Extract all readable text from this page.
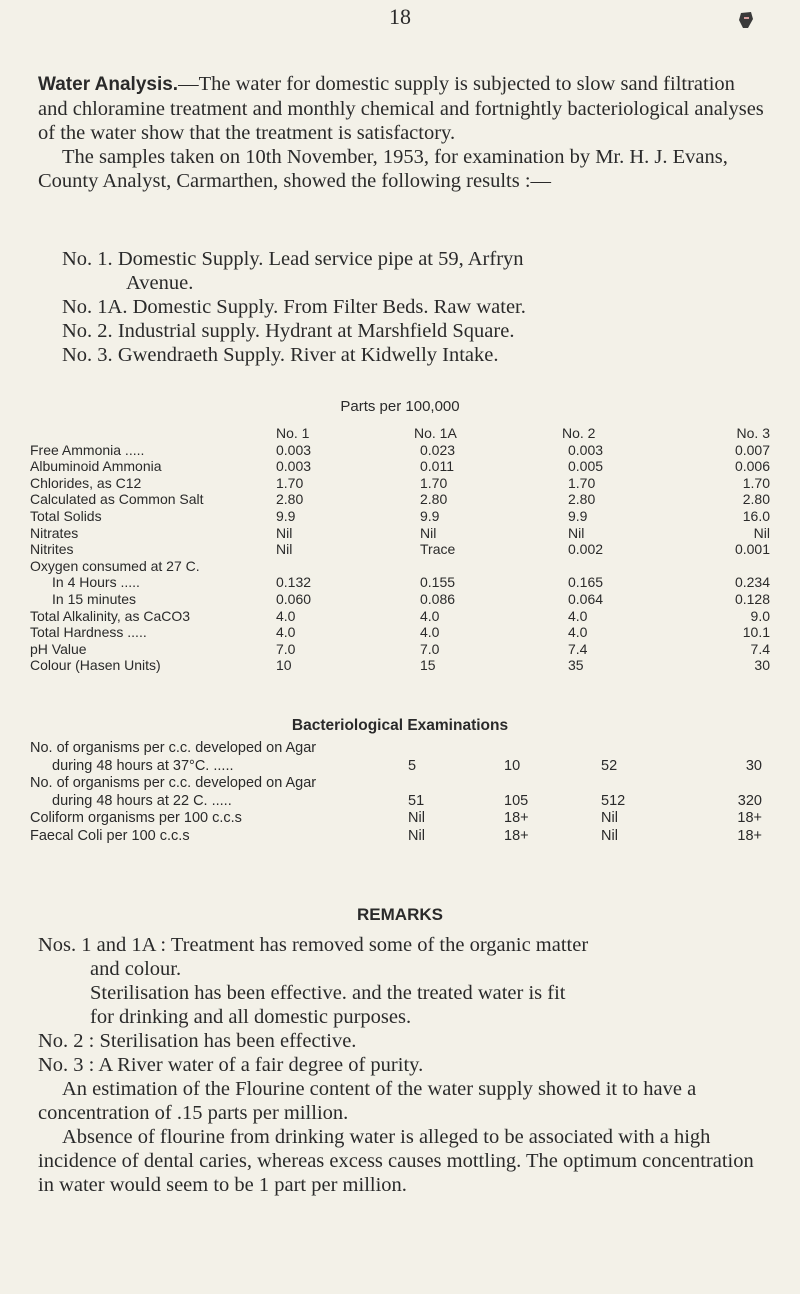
18

Water Analysis.—The water for domestic supply is subjected to slow sand filtration and chloramine treatment and monthly chemical and fortnightly bacteriological analyses of the water show that the treatment is satisfactory.

The samples taken on 10th November, 1953, for examination by Mr. H. J. Evans, County Analyst, Carmarthen, showed the following results :—

No. 1. Domestic Supply. Lead service pipe at 59, Arfryn
Avenue.
No. 1A. Domestic Supply. From Filter Beds. Raw water.
No. 2. Industrial supply. Hydrant at Marshfield Square.
No. 3. Gwendraeth Supply. River at Kidwelly Intake.
Parts per 100,000
No. 1	No. 1A	No. 2	No. 3
Free Ammonia .....	0.003	0.023	0.003	0.007
Albuminoid Ammonia	0.003	0.011	0.005	0.006
Chlorides, as C12	1.70	1.70	1.70	1.70
Calculated as Common Salt	2.80	2.80	2.80	2.80
Total Solids	9.9	9.9	9.9	16.0
Nitrates	Nil	Nil	Nil	Nil
Nitrites	Nil	Trace	0.002	0.001
Oxygen consumed at 27 C.
In 4 Hours .....	0.132	0.155	0.165	0.234
In 15 minutes	0.060	0.086	0.064	0.128
Total Alkalinity, as CaCO3	4.0	4.0	4.0	9.0
Total Hardness .....	4.0	4.0	4.0	10.1
pH Value	7.0	7.0	7.4	7.4
Colour (Hasen Units)	10	15	35	30
Bacteriological Examinations
No. of organisms per c.c. developed on Agar
during 48 hours at 37°C. .....	5	10	52	30
No. of organisms per c.c. developed on Agar
during 48 hours at 22 C. .....	51	105	512	320
Coliform organisms per 100 c.c.s	Nil	18+	Nil	18+
Faecal Coli per 100 c.c.s	Nil	18+	Nil	18+
REMARKS

Nos. 1 and 1A : Treatment has removed some of the organic matter

and colour.

Sterilisation has been effective. and the treated water is fit

for drinking and all domestic purposes.

No. 2 : Sterilisation has been effective.

No. 3 : A River water of a fair degree of purity.

An estimation of the Flourine content of the water supply showed it to have a concentration of .15 parts per million.

Absence of flourine from drinking water is alleged to be associated with a high incidence of dental caries, whereas excess causes mottling. The optimum concentration in water would seem to be 1 part per million.
